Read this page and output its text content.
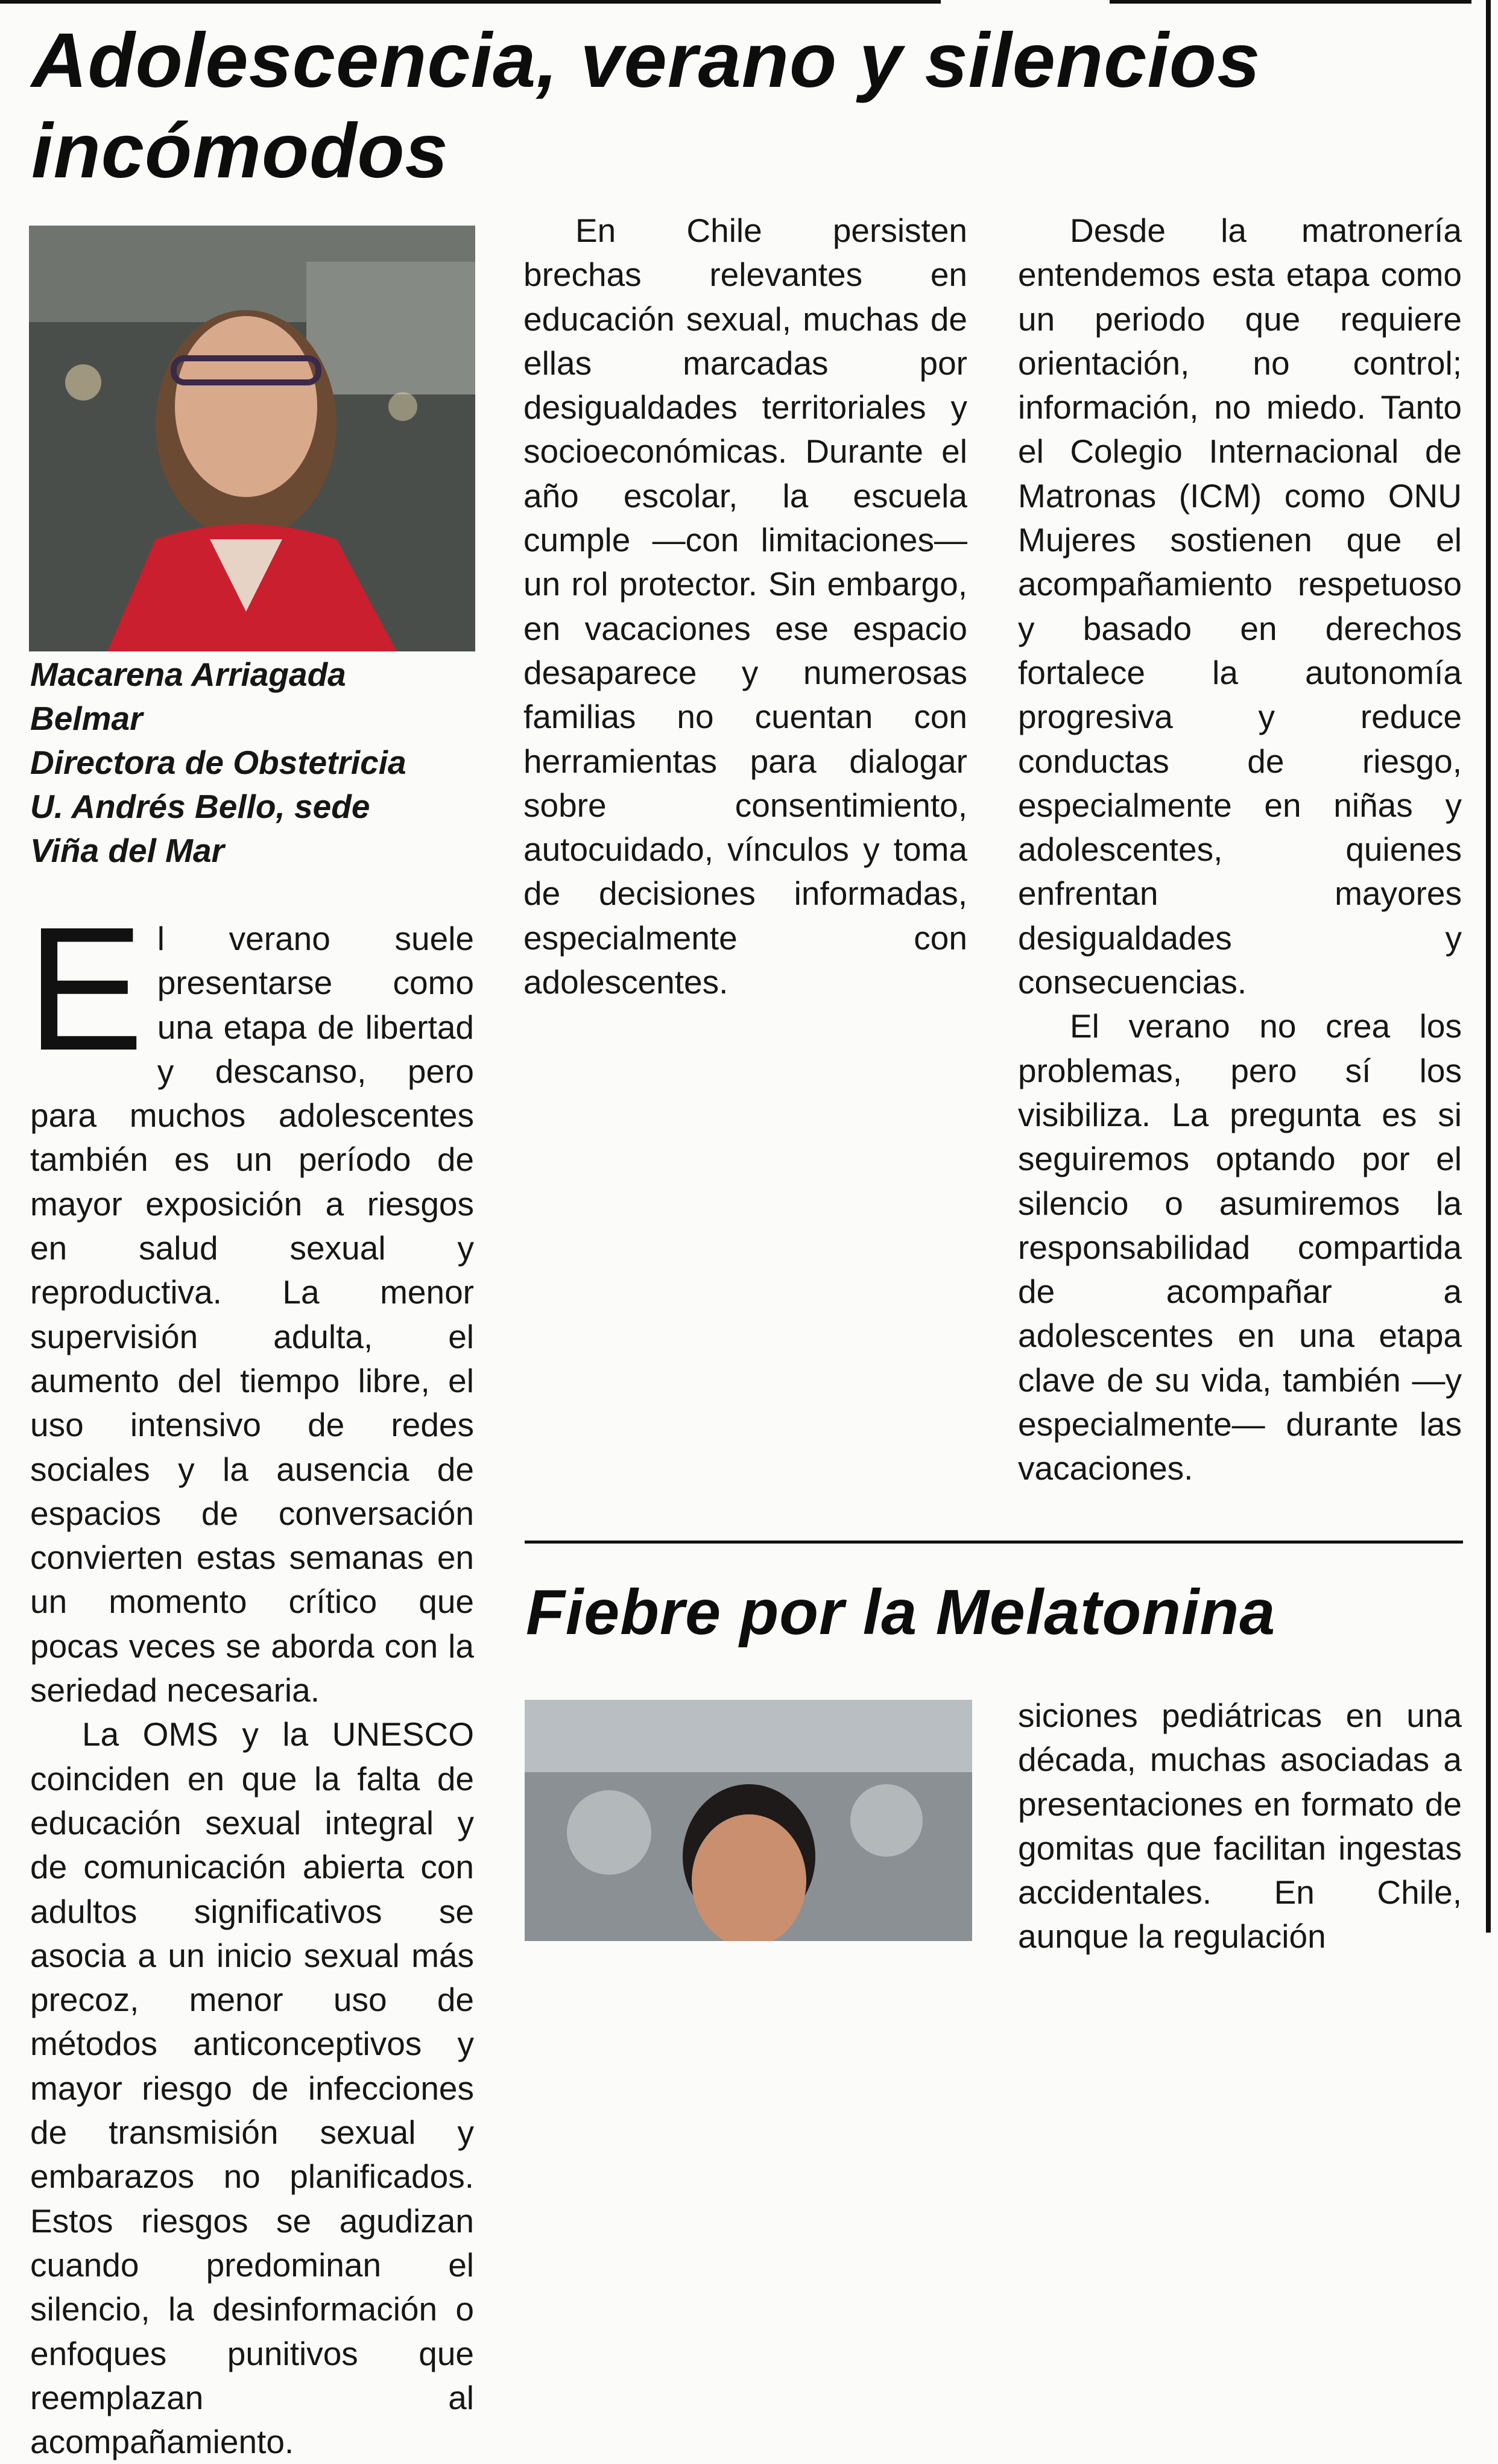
Adolescencia, verano y silencios incómodos
Macarena Arriagada
Belmar
Directora de Obstetricia
U. Andrés Bello, sede
Viña del Mar

El verano suele presentarse como una etapa de libertad y descanso, pero para muchos adolescentes también es un período de mayor exposición a riesgos en salud sexual y reproductiva. La menor supervisión adulta, el aumento del tiempo libre, el uso intensivo de redes sociales y la ausencia de espacios de conversación convierten estas semanas en un momento crítico que pocas veces se aborda con la seriedad necesaria.

La OMS y la UNESCO coinciden en que la falta de educación sexual integral y de comunicación abierta con adultos significativos se asocia a un inicio sexual más precoz, menor uso de métodos anticonceptivos y mayor riesgo de infecciones de transmisión sexual y embarazos no planificados. Estos riesgos se agudizan cuando predominan el silencio, la desinformación o enfoques punitivos que reemplazan al acompañamiento.

En Chile persisten brechas relevantes en educación sexual, muchas de ellas marcadas por desigualdades territoriales y socioeconómicas. Durante el año escolar, la escuela cumple —con limitaciones— un rol protector. Sin embargo, en vacaciones ese espacio desaparece y numerosas familias no cuentan con herramientas para dialogar sobre consentimiento, autocuidado, vínculos y toma de decisiones informadas, especialmente con adolescentes.

Desde la matronería entendemos esta etapa como un periodo que requiere orientación, no control; información, no miedo. Tanto el Colegio Internacional de Matronas (ICM) como ONU Mujeres sostienen que el acompañamiento respetuoso y basado en derechos fortalece la autonomía progresiva y reduce conductas de riesgo, especialmente en niñas y adolescentes, quienes enfrentan mayores desigualdades y consecuencias.

El verano no crea los problemas, pero sí los visibiliza. La pregunta es si seguiremos optando por el silencio o asumiremos la responsabilidad compartida de acompañar a adolescentes en una etapa clave de su vida, también —y especialmente— durante las vacaciones.

Fiebre por la Melatonina

siciones pediátricas en una década, muchas asociadas a presentaciones en formato de gomitas que facilitan ingestas accidentales. En Chile, aunque la regulación
